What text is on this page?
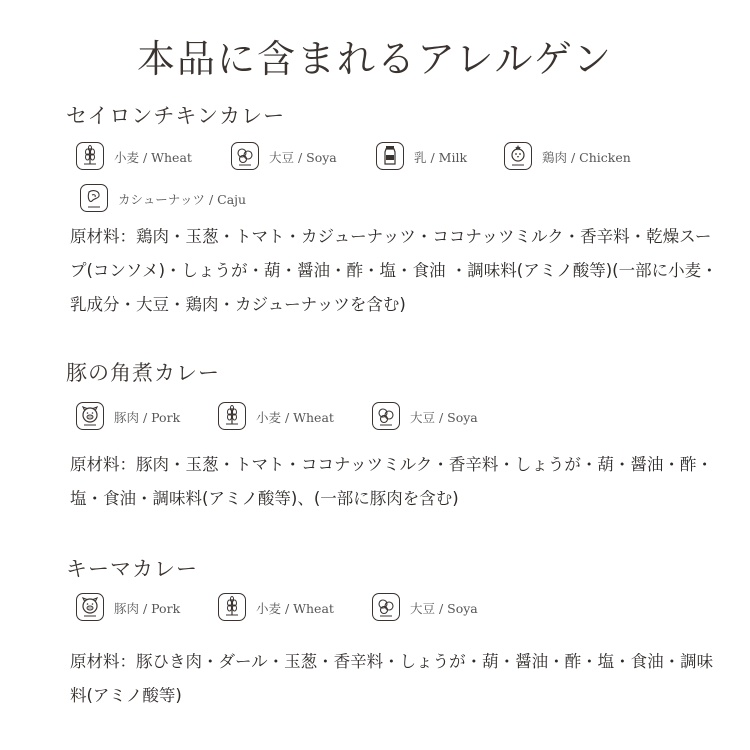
本品に含まれるアレルゲン
セイロンチキンカレー
小麦 / Wheat	大豆 / Soya	乳 / Milk	鶏肉 / Chicken
カシューナッツ / Caju
原材料：鶏肉・玉葱・トマト・カジューナッツ・ココナッツミルク・香辛料・乾燥スープ(コンソメ)・しょうが・葫・醤油・酢・塩・食油 ・調味料(アミノ酸等)(一部に小麦・乳成分・大豆・鶏肉・カジューナッツを含む)
豚の角煮カレー
豚肉 / Pork	小麦 / Wheat	大豆 / Soya
原材料：豚肉・玉葱・トマト・ココナッツミルク・香辛料・しょうが・葫・醤油・酢・塩・食油・調味料(アミノ酸等)、(一部に豚肉を含む)
キーマカレー
豚肉 / Pork	小麦 / Wheat	大豆 / Soya
原材料：豚ひき肉・ダール・玉葱・香辛料・しょうが・葫・醤油・酢・塩・食油・調味料(アミノ酸等)
